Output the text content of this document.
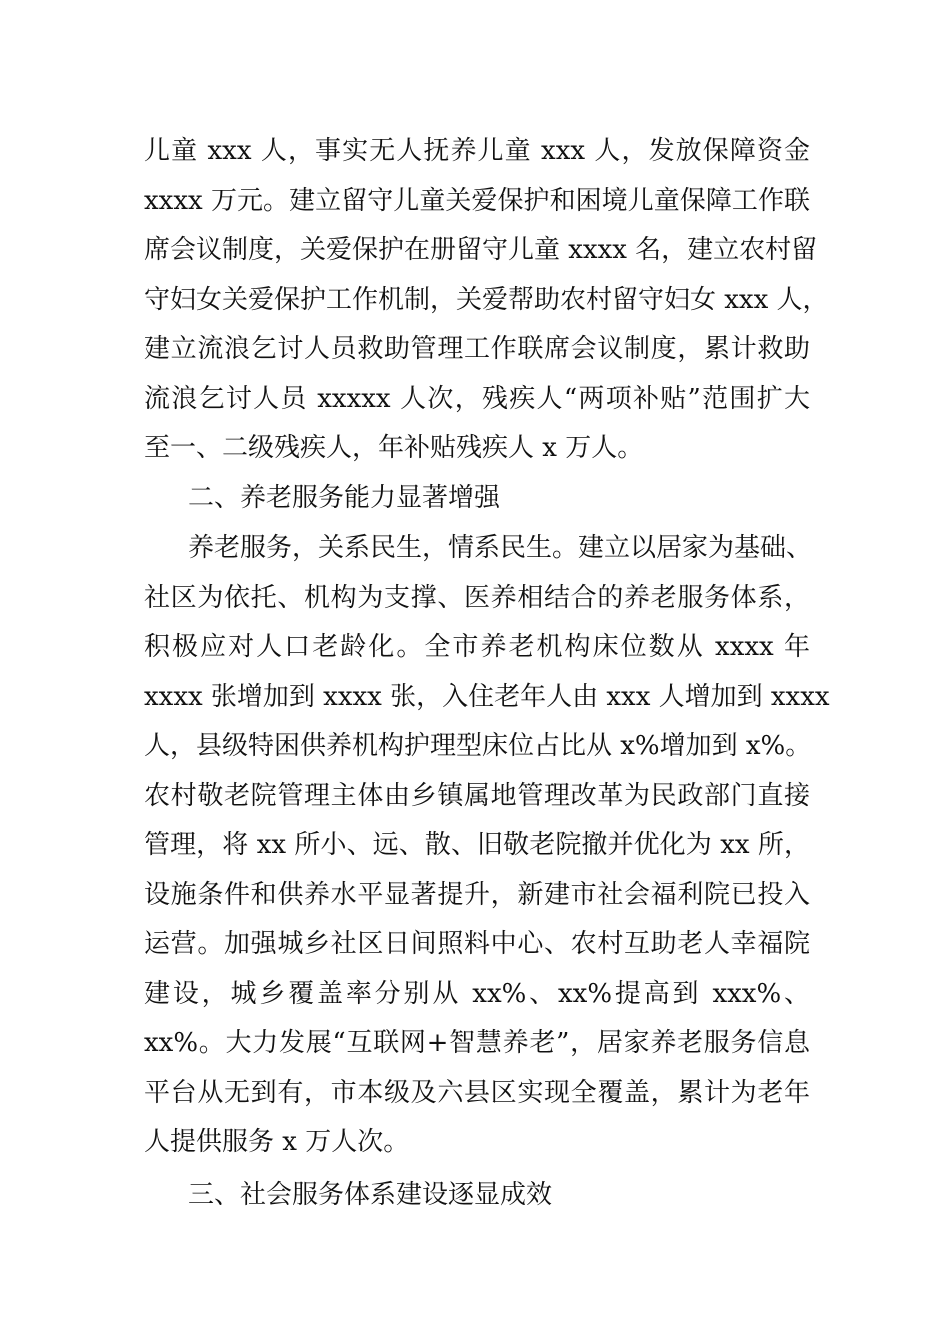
儿童 xxx 人，事实无人抚养儿童 xxx 人，发放保障资金
xxxx 万元。建立留守儿童关爱保护和困境儿童保障工作联
席会议制度，关爱保护在册留守儿童 xxxx 名，建立农村留
守妇女关爱保护工作机制，关爱帮助农村留守妇女 xxx 人，
建立流浪乞讨人员救助管理工作联席会议制度，累计救助
流浪乞讨人员 xxxxx 人次，残疾人“两项补贴”范围扩大
至一、二级残疾人，年补贴残疾人 x 万人。
二、养老服务能力显著增强
养老服务，关系民生，情系民生。建立以居家为基础、
社区为依托、机构为支撑、医养相结合的养老服务体系，
积极应对人口老龄化。全市养老机构床位数从 xxxx 年
xxxx 张增加到 xxxx 张，入住老年人由 xxx 人增加到 xxxx
人，县级特困供养机构护理型床位占比从 x%增加到 x%。
农村敬老院管理主体由乡镇属地管理改革为民政部门直接
管理，将 xx 所小、远、散、旧敬老院撤并优化为 xx 所，
设施条件和供养水平显著提升，新建市社会福利院已投入
运营。加强城乡社区日间照料中心、农村互助老人幸福院
建设，城乡覆盖率分别从 xx%、xx%提高到 xxx%、
xx%。大力发展“互联网+智慧养老”，居家养老服务信息
平台从无到有，市本级及六县区实现全覆盖，累计为老年
人提供服务 x 万人次。
三、社会服务体系建设逐显成效
